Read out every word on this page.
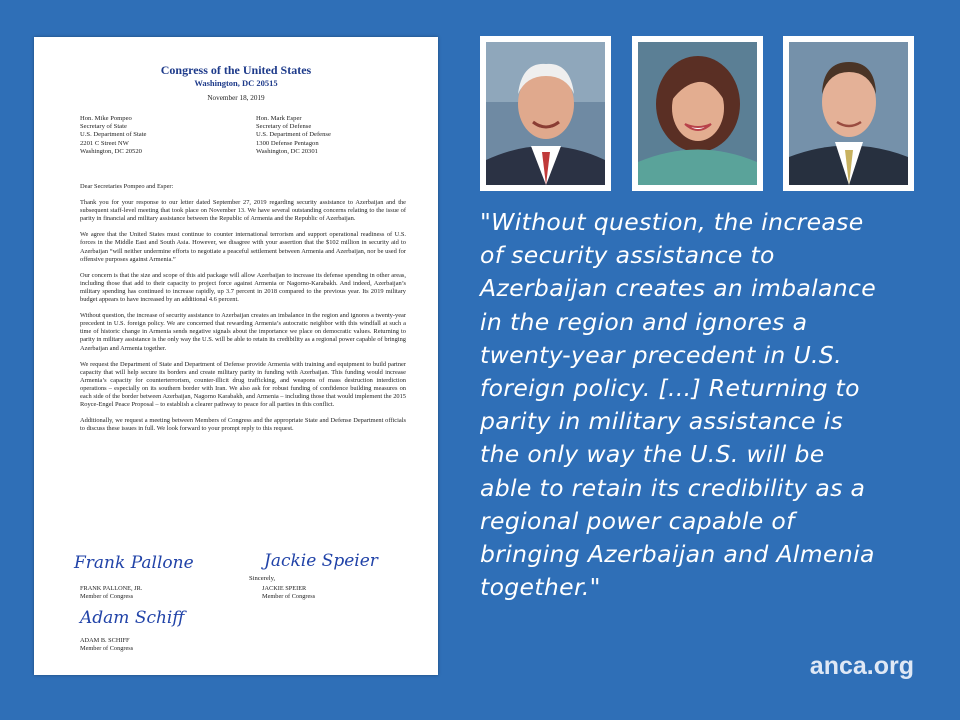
Congress of the United States
Washington, DC 20515
November 18, 2019
Hon. Mike Pompeo
Secretary of State
U.S. Department of State
2201 C Street NW
Washington, DC 20520
Hon. Mark Esper
Secretary of Defense
U.S. Department of Defense
1300 Defense Pentagon
Washington, DC 20301

Dear Secretaries Pompeo and Esper:

Thank you for your response to our letter dated September 27, 2019 regarding security assistance to Azerbaijan and the subsequent staff-level meeting that took place on November 13. We have several outstanding concerns relating to the issue of parity in financial and military assistance between the Republic of Armenia and the Republic of Azerbaijan.

We agree that the United States must continue to counter international terrorism and support operational readiness of U.S. forces in the Middle East and South Asia. However, we disagree with your assertion that the $102 million in security aid to Azerbaijan “will neither undermine efforts to negotiate a peaceful settlement between Armenia and Azerbaijan, nor be used for offensive purposes against Armenia.”

Our concern is that the size and scope of this aid package will allow Azerbaijan to increase its defense spending in other areas, including those that add to their capacity to project force against Armenia or Nagorno-Karabakh. And indeed, Azerbaijan’s military spending has continued to increase rapidly, up 3.7 percent in 2018 compared to the previous year. Its 2019 military budget appears to have increased by an additional 4.6 percent.

Without question, the increase of security assistance to Azerbaijan creates an imbalance in the region and ignores a twenty-year precedent in U.S. foreign policy. We are concerned that rewarding Armenia’s autocratic neighbor with this windfall at such a time of historic change in Armenia sends negative signals about the importance we place on democratic values. Returning to parity in military assistance is the only way the U.S. will be able to retain its credibility as a regional power capable of bringing Azerbaijan and Armenia together.

We request the Department of State and Department of Defense provide Armenia with training and equipment to build partner capacity that will help secure its borders and create military parity in funding with Azerbaijan. This funding would increase Armenia’s capacity for counterterrorism, counter-illicit drug trafficking, and weapons of mass destruction interdiction operations – especially on its southern border with Iran. We also ask for robust funding of confidence building measures on each side of the border between Azerbaijan, Nagorno Karabakh, and Armenia – including those that would implement the 2015 Royce-Engel Peace Proposal – to establish a clearer pathway to peace for all parties in this conflict.

Additionally, we request a meeting between Members of Congress and the appropriate State and Defense Department officials to discuss these issues in full. We look forward to your prompt reply to this request.

Sincerely,
Frank Pallone
FRANK PALLONE, JR.
Member of Congress
Jackie Speier
JACKIE SPEIER
Member of Congress
Adam Schiff
ADAM B. SCHIFF
Member of Congress
"Without question, the increase
of security assistance to
Azerbaijan creates an imbalance
in the region and ignores a
twenty-year precedent in U.S.
foreign policy. [...] Returning to
parity in military assistance is
the only way the U.S. will be
able to retain its credibility as a
regional power capable of
bringing Azerbaijan and Almenia
together."
anca.org
